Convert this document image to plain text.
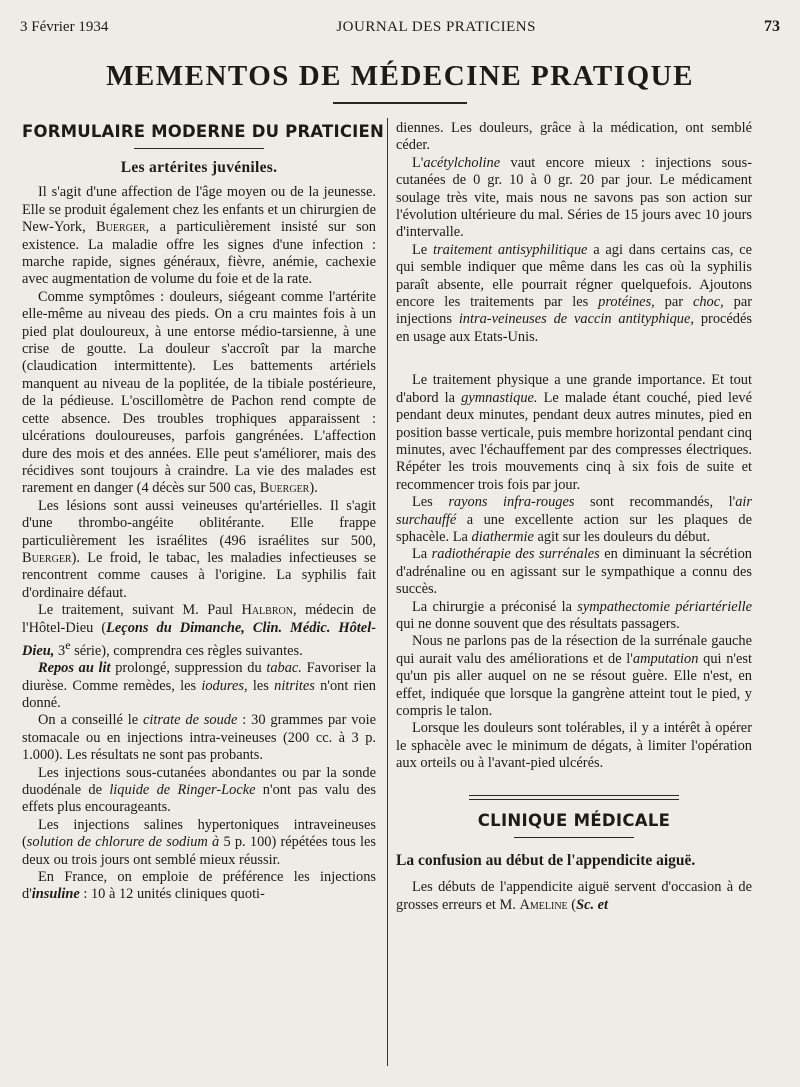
3 Février 1934	JOURNAL DES PRATICIENS	73
MEMENTOS DE MÉDECINE PRATIQUE
FORMULAIRE MODERNE DU PRATICIEN
Les artérites juvéniles.

Il s'agit d'une affection de l'âge moyen ou de la jeunesse. Elle se produit également chez les enfants et un chirurgien de New-York, Buerger, a particulièrement insisté sur son existence. La maladie offre les signes d'une infection : marche rapide, signes généraux, fièvre, anémie, cachexie avec augmentation de volume du foie et de la rate.

Comme symptômes : douleurs, siégeant comme l'artérite elle-même au niveau des pieds. On a cru maintes fois à un pied plat douloureux, à une entorse médio-tarsienne, à une crise de goutte. La douleur s'accroît par la marche (claudication intermittente). Les battements artériels manquent au niveau de la poplitée, de la tibiale postérieure, de la pédieuse. L'oscillomètre de Pachon rend compte de cette absence. Des troubles trophiques apparaissent : ulcérations douloureuses, parfois gangrénées. L'affection dure des mois et des années. Elle peut s'améliorer, mais des récidives sont toujours à craindre. La vie des malades est rarement en danger (4 décès sur 500 cas, Buerger).

Les lésions sont aussi veineuses qu'artérielles. Il s'agit d'une thrombo-angéite oblitérante. Elle frappe particulièrement les israélites (496 israélites sur 500, Buerger). Le froid, le tabac, les maladies infectieuses se rencontrent comme causes à l'origine. La syphilis fait d'ordinaire défaut.

Le traitement, suivant M. Paul Halbron, médecin de l'Hôtel-Dieu (Leçons du Dimanche, Clin. Médic. Hôtel-Dieu, 3e série), comprendra ces règles suivantes.

Repos au lit prolongé, suppression du tabac. Favoriser la diurèse. Comme remèdes, les iodures, les nitrites n'ont rien donné.

On a conseillé le citrate de soude : 30 grammes par voie stomacale ou en injections intra-veineuses (200 cc. à 3 p. 1.000). Les résultats ne sont pas probants.

Les injections sous-cutanées abondantes ou par la sonde duodénale de liquide de Ringer-Locke n'ont pas valu des effets plus encourageants.

Les injections salines hypertoniques intraveineuses (solution de chlorure de sodium à 5 p. 100) répétées tous les deux ou trois jours ont semblé mieux réussir.

En France, on emploie de préférence les injections d'insuline : 10 à 12 unités cliniques quoti-

diennes. Les douleurs, grâce à la médication, ont semblé céder.

L'acétylcholine vaut encore mieux : injections sous-cutanées de 0 gr. 10 à 0 gr. 20 par jour. Le médicament soulage très vite, mais nous ne savons pas son action sur l'évolution ultérieure du mal. Séries de 15 jours avec 10 jours d'intervalle.

Le traitement antisyphilitique a agi dans certains cas, ce qui semble indiquer que même dans les cas où la syphilis paraît absente, elle pourrait régner quelquefois. Ajoutons encore les traitements par les protéines, par choc, par injections intra-veineuses de vaccin antityphique, procédés en usage aux Etats-Unis.

Le traitement physique a une grande importance. Et tout d'abord la gymnastique. Le malade étant couché, pied levé pendant deux minutes, pendant deux autres minutes, pied en position basse verticale, puis membre horizontal pendant cinq minutes, avec l'échauffement par des compresses électriques. Répéter les trois mouvements cinq à six fois de suite et recommencer trois fois par jour.

Les rayons infra-rouges sont recommandés, l'air surchauffé a une excellente action sur les plaques de sphacèle. La diathermie agit sur les douleurs du début.

La radiothérapie des surrénales en diminuant la sécrétion d'adrénaline ou en agissant sur le sympathique a connu des succès.

La chirurgie a préconisé la sympathectomie périartérielle qui ne donne souvent que des résultats passagers.

Nous ne parlons pas de la résection de la surrénale gauche qui aurait valu des améliorations et de l'amputation qui n'est qu'un pis aller auquel on ne se résout guère. Elle n'est, en effet, indiquée que lorsque la gangrène atteint tout le pied, y compris le talon.

Lorsque les douleurs sont tolérables, il y a intérêt à opérer le sphacèle avec le minimum de dégats, à limiter l'opération aux orteils ou à l'avant-pied ulcérés.

CLINIQUE MÉDICALE
La confusion au début de l'appendicite aiguë.

Les débuts de l'appendicite aiguë servent d'occasion à de grosses erreurs et M. Ameline (Sc. et
